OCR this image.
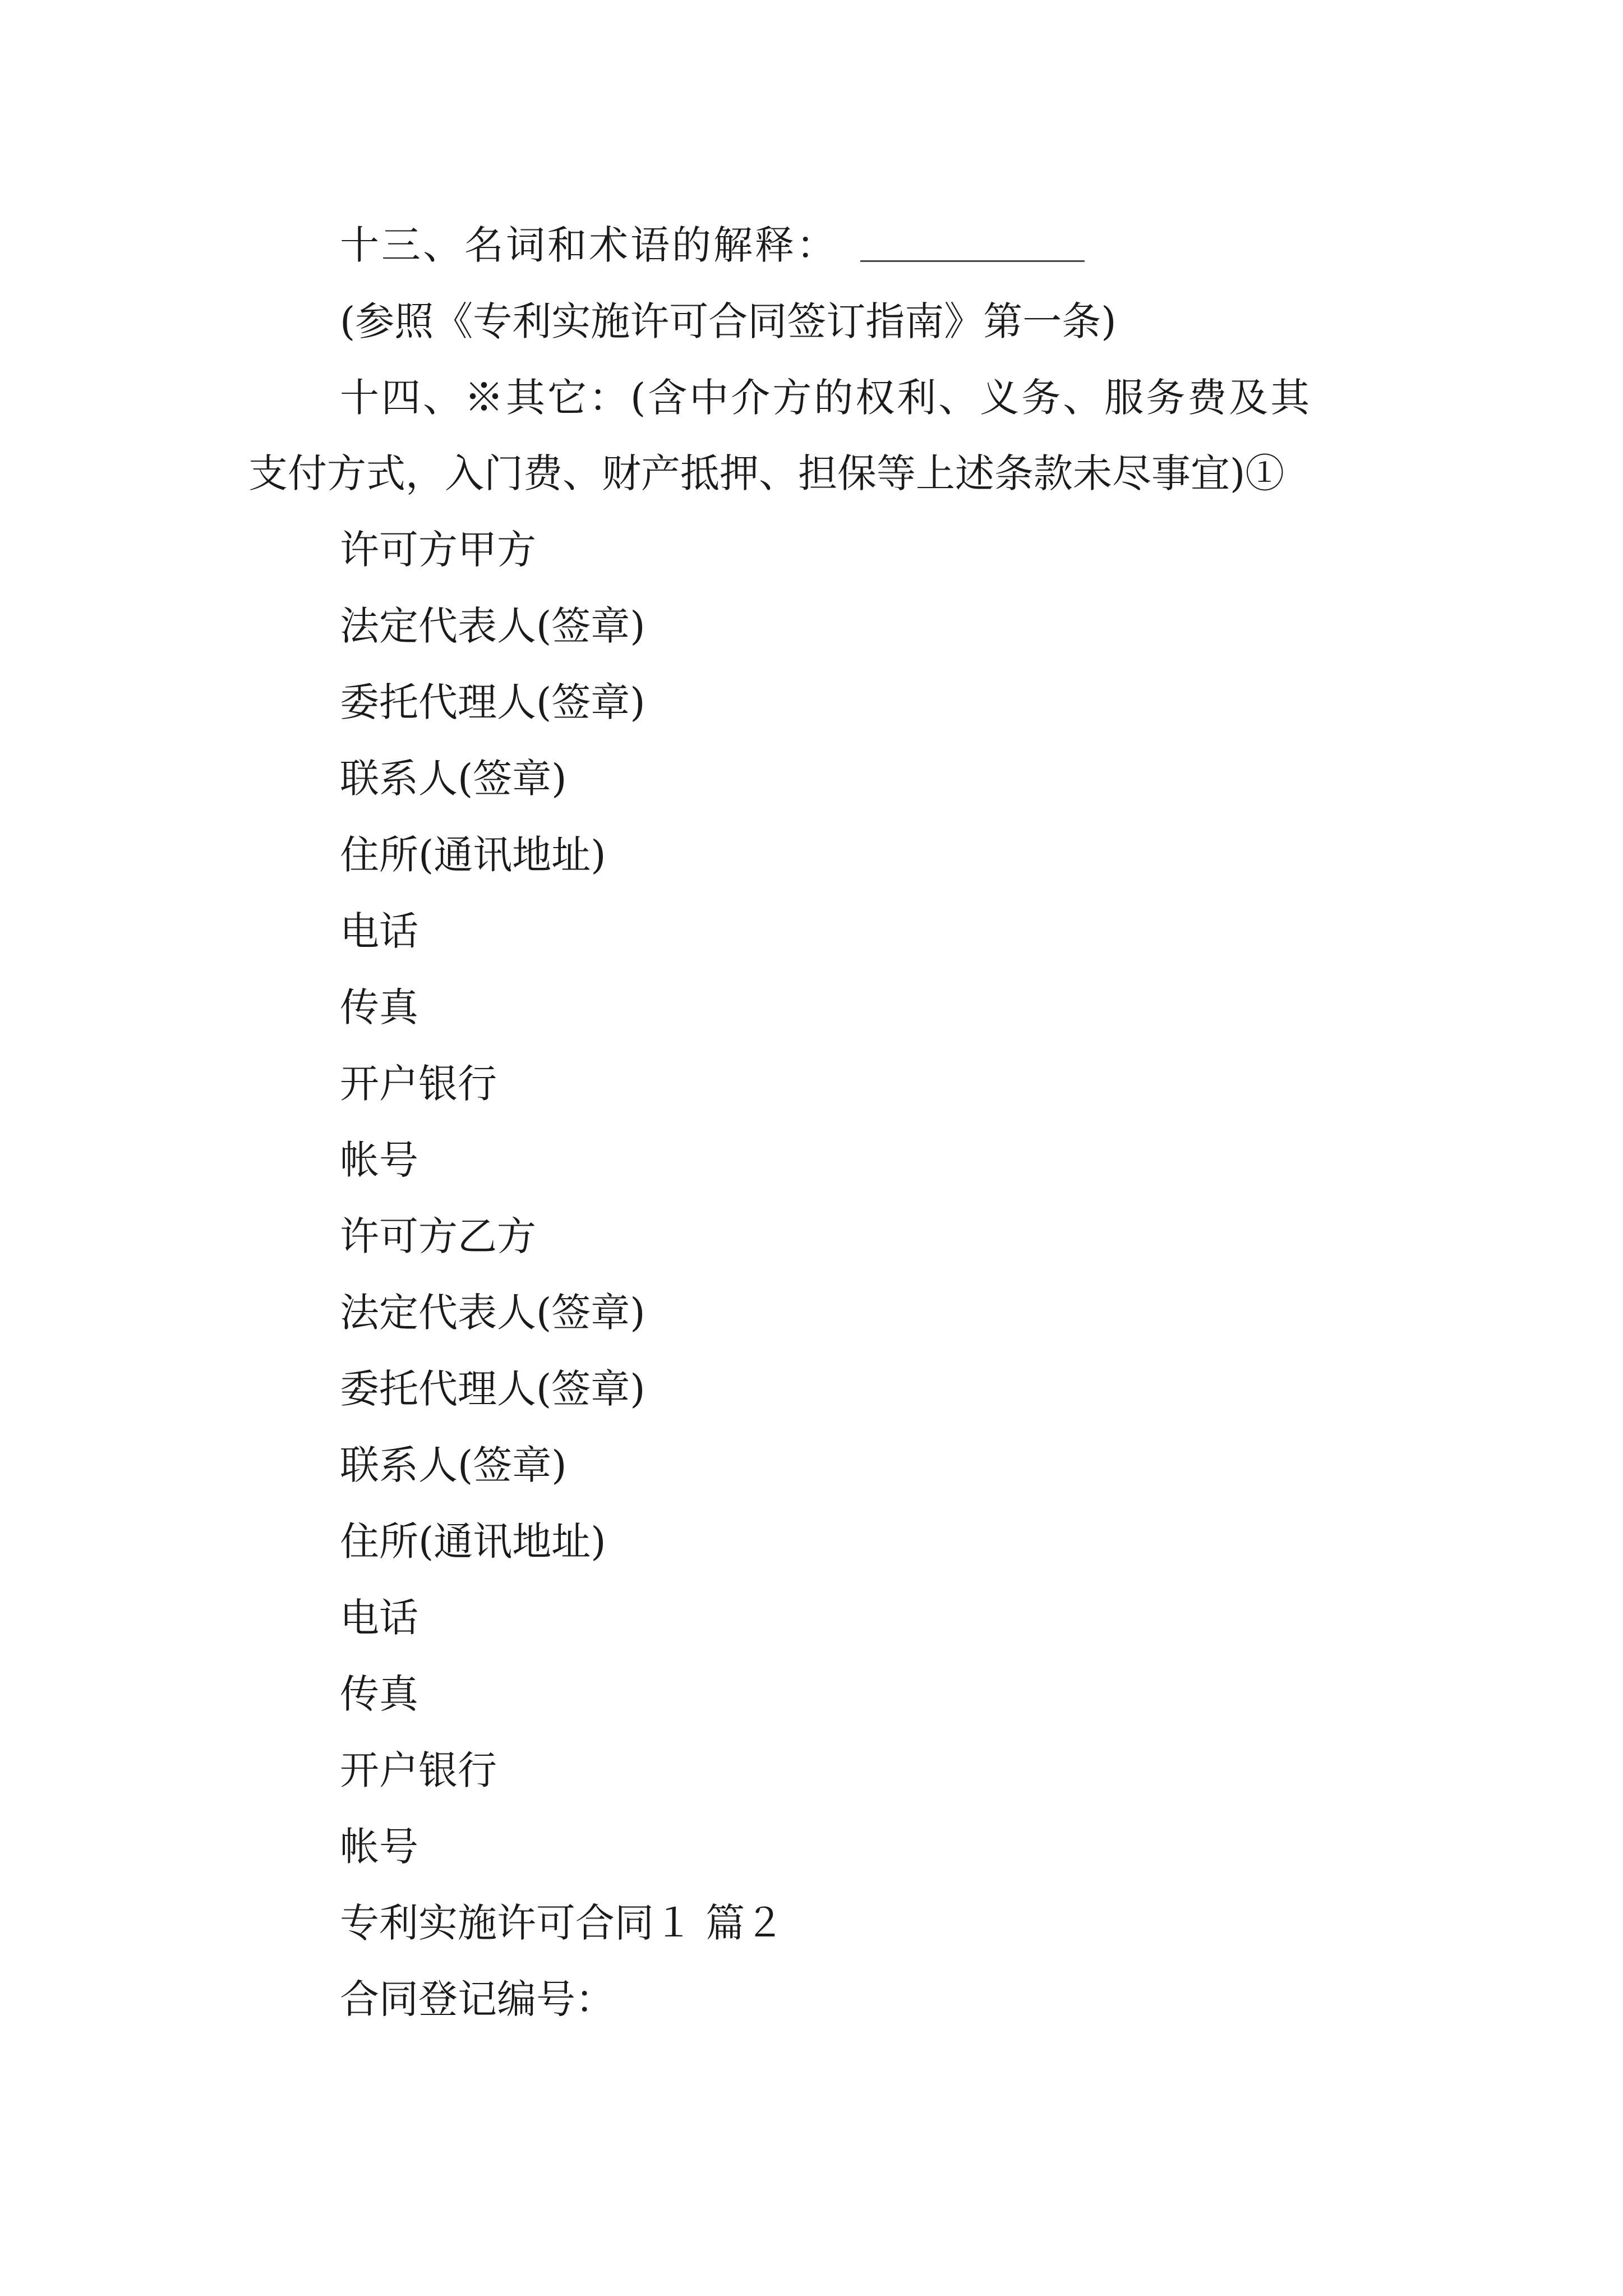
十三、名词和术语的解释：
(参照《专利实施许可合同签订指南》第一条)
十四、※其它：(含中介方的权利、义务、服务费及其
支付方式，入门费、财产抵押、担保等上述条款未尽事宜)①
许可方甲方
法定代表人(签章)
委托代理人(签章)
联系人(签章)
住所(通讯地址)
电话
传真
开户银行
帐号
许可方乙方
法定代表人(签章)
委托代理人(签章)
联系人(签章)
住所(通讯地址)
电话
传真
开户银行
帐号
专利实施许可合同１ 篇２
合同登记编号：
